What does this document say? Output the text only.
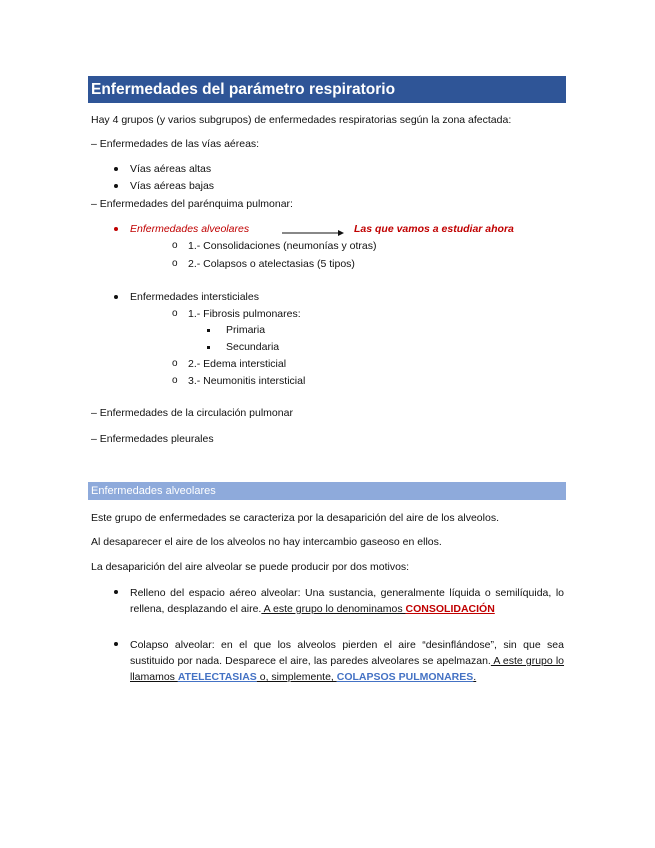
Enfermedades del parámetro respiratorio
Hay 4 grupos (y varios subgrupos) de enfermedades respiratorias según la zona afectada:
– Enfermedades de las vías aéreas:
Vías aéreas altas
Vías aéreas bajas
– Enfermedades del parénquima pulmonar:
Enfermedades alveolares	Las que vamos a estudiar ahora
o 1.- Consolidaciones (neumonías y otras)
o 2.- Colapsos o atelectasias (5 tipos)
Enfermedades intersticiales
o 1.- Fibrosis pulmonares:
Primaria
Secundaria
o 2.- Edema intersticial
o 3.- Neumonitis intersticial
– Enfermedades de la circulación pulmonar
– Enfermedades pleurales
Enfermedades alveolares
Este grupo de enfermedades se caracteriza por la desaparición del aire de los alveolos.
Al desaparecer el aire de los alveolos no hay intercambio gaseoso en ellos.
La desaparición del aire alveolar se puede producir por dos motivos:
Relleno del espacio aéreo alveolar: Una sustancia, generalmente líquida o semilíquida, lo
rellena, desplazando el aire. A este grupo lo denominamos CONSOLIDACIÓN
Colapso alveolar: en el que los alveolos pierden el aire “desinflándose”, sin que sea
sustituido por nada. Desparece el aire, las paredes alveolares se apelmazan. A este grupo lo
llamamos ATELECTASIAS o, simplemente, COLAPSOS PULMONARES.
